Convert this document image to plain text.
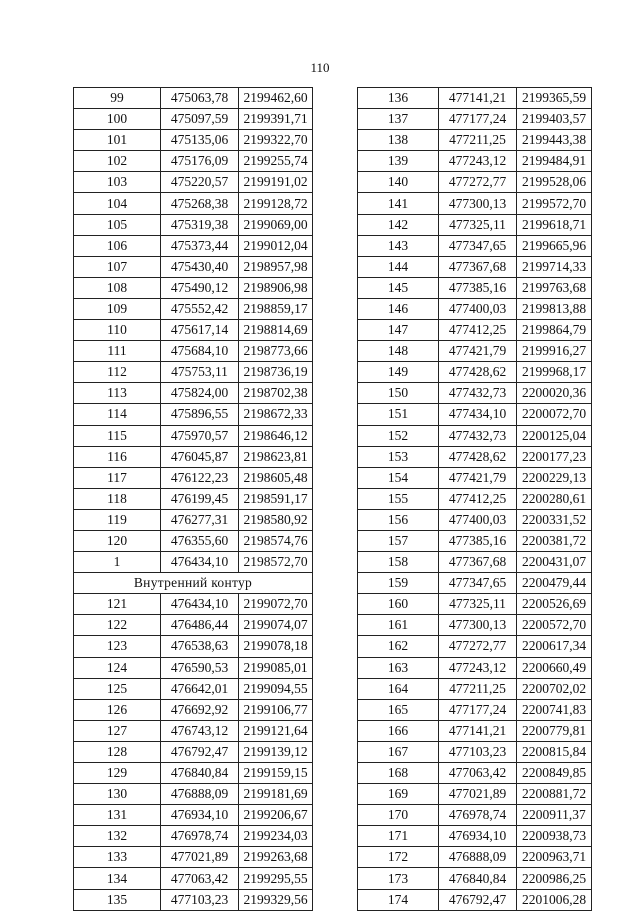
110
99	475063,78	2199462,60
100	475097,59	2199391,71
101	475135,06	2199322,70
102	475176,09	2199255,74
103	475220,57	2199191,02
104	475268,38	2199128,72
105	475319,38	2199069,00
106	475373,44	2199012,04
107	475430,40	2198957,98
108	475490,12	2198906,98
109	475552,42	2198859,17
110	475617,14	2198814,69
111	475684,10	2198773,66
112	475753,11	2198736,19
113	475824,00	2198702,38
114	475896,55	2198672,33
115	475970,57	2198646,12
116	476045,87	2198623,81
117	476122,23	2198605,48
118	476199,45	2198591,17
119	476277,31	2198580,92
120	476355,60	2198574,76
1	476434,10	2198572,70
Внутренний контур		
121	476434,10	2199072,70
122	476486,44	2199074,07
123	476538,63	2199078,18
124	476590,53	2199085,01
125	476642,01	2199094,55
126	476692,92	2199106,77
127	476743,12	2199121,64
128	476792,47	2199139,12
129	476840,84	2199159,15
130	476888,09	2199181,69
131	476934,10	2199206,67
132	476978,74	2199234,03
133	477021,89	2199263,68
134	477063,42	2199295,55
135	477103,23	2199329,56
136	477141,21	2199365,59
137	477177,24	2199403,57
138	477211,25	2199443,38
139	477243,12	2199484,91
140	477272,77	2199528,06
141	477300,13	2199572,70
142	477325,11	2199618,71
143	477347,65	2199665,96
144	477367,68	2199714,33
145	477385,16	2199763,68
146	477400,03	2199813,88
147	477412,25	2199864,79
148	477421,79	2199916,27
149	477428,62	2199968,17
150	477432,73	2200020,36
151	477434,10	2200072,70
152	477432,73	2200125,04
153	477428,62	2200177,23
154	477421,79	2200229,13
155	477412,25	2200280,61
156	477400,03	2200331,52
157	477385,16	2200381,72
158	477367,68	2200431,07
159	477347,65	2200479,44
160	477325,11	2200526,69
161	477300,13	2200572,70
162	477272,77	2200617,34
163	477243,12	2200660,49
164	477211,25	2200702,02
165	477177,24	2200741,83
166	477141,21	2200779,81
167	477103,23	2200815,84
168	477063,42	2200849,85
169	477021,89	2200881,72
170	476978,74	2200911,37
171	476934,10	2200938,73
172	476888,09	2200963,71
173	476840,84	2200986,25
174	476792,47	2201006,28
